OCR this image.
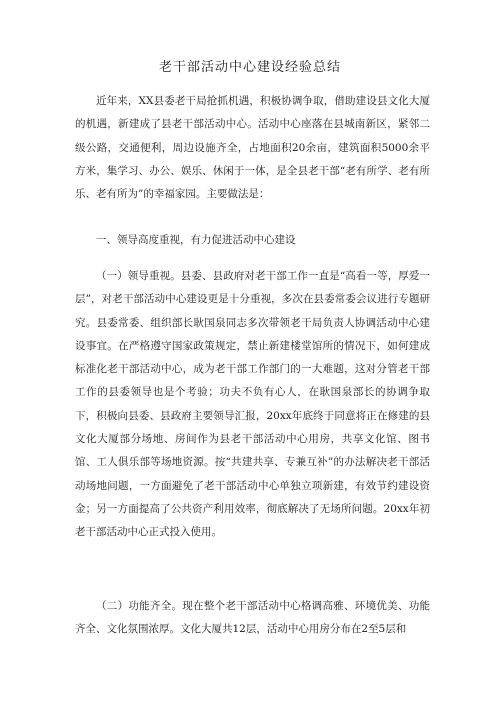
老干部活动中心建设经验总结

近年来，XX县委老干局抢抓机遇，积极协调争取，借助建设县文化大厦的机遇，新建成了县老干部活动中心。活动中心座落在县城南新区，紧邻二级公路，交通便利，周边设施齐全，占地面积20余亩，建筑面积5000余平方米，集学习、办公、娱乐、休闲于一体，是全县老干部“老有所学、老有所乐、老有所为”的幸福家园。主要做法是：

一、领导高度重视，有力促进活动中心建设

（一）领导重视。县委、县政府对老干部工作一直是“高看一等，厚爱一层”，对老干部活动中心建设更是十分重视，多次在县委常委会议进行专题研究。县委常委、组织部长耿国泉同志多次带领老干局负责人协调活动中心建设事宜。在严格遵守国家政策规定，禁止新建楼堂馆所的情况下，如何建成标准化老干部活动中心，成为老干部工作部门的一大难题，这对分管老干部工作的县委领导也是个考验；功夫不负有心人，在耿国泉部长的协调争取下，积极向县委、县政府主要领导汇报，20xx年底终于同意将正在修建的县文化大厦部分场地、房间作为县老干部活动中心用房，共享文化馆、图书馆、工人俱乐部等场地资源。按“共建共享、专兼互补”的办法解决老干部活动场地问题，一方面避免了老干部活动中心单独立项新建，有效节约建设资金；另一方面提高了公共资产利用效率，彻底解决了无场所问题。20xx年初老干部活动中心正式投入使用。

（二）功能齐全。现在整个老干部活动中心格调高雅、环境优美、功能齐全、文化氛围浓厚。文化大厦共12层，活动中心用房分布在2至5层和
